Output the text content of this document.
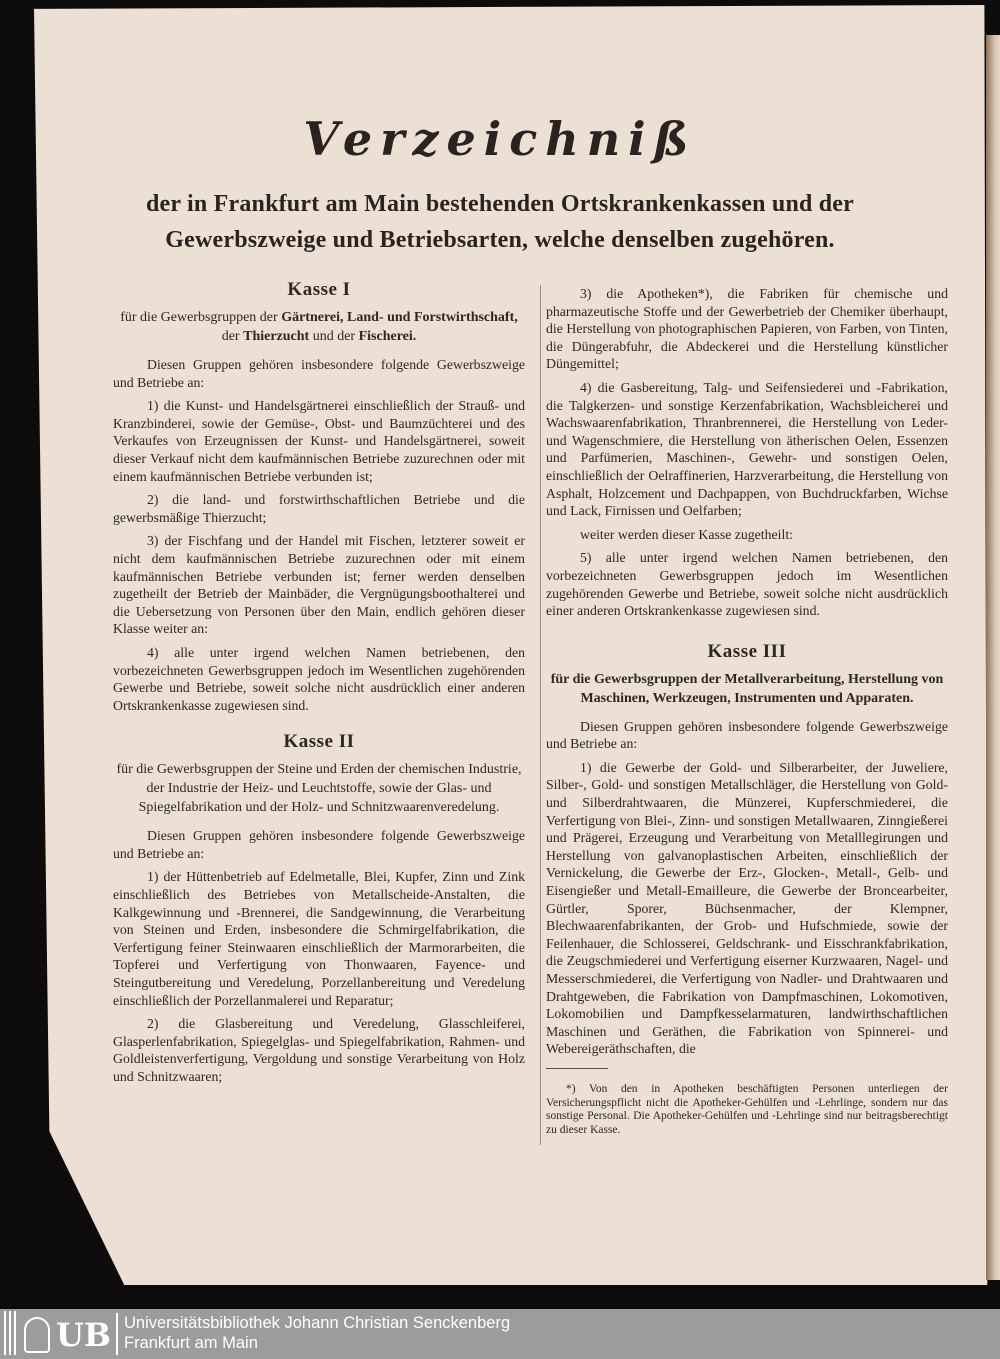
Verzeichniß
der in Frankfurt am Main bestehenden Ortskrankenkassen und der Gewerbszweige und Betriebsarten, welche denselben zugehören.
Kasse I
für die Gewerbsgruppen der Gärtnerei, Land- und Forstwirthschaft, der Thierzucht und der Fischerei.

Diesen Gruppen gehören insbesondere folgende Gewerbszweige und Betriebe an:

1) die Kunst- und Handelsgärtnerei einschließlich der Strauß- und Kranzbinderei, sowie der Gemüse-, Obst- und Baumzüchterei und des Verkaufes von Erzeugnissen der Kunst- und Handelsgärtnerei, soweit dieser Verkauf nicht dem kaufmännischen Betriebe zuzurechnen oder mit einem kaufmännischen Betriebe verbunden ist;

2) die land- und forstwirthschaftlichen Betriebe und die gewerbsmäßige Thierzucht;

3) der Fischfang und der Handel mit Fischen, letzterer soweit er nicht dem kaufmännischen Betriebe zuzurechnen oder mit einem kaufmännischen Betriebe verbunden ist; ferner werden denselben zugetheilt der Betrieb der Mainbäder, die Vergnügungsboothalterei und die Uebersetzung von Personen über den Main, endlich gehören dieser Klasse weiter an:

4) alle unter irgend welchen Namen betriebenen, den vorbezeichneten Gewerbsgruppen jedoch im Wesentlichen zugehörenden Gewerbe und Betriebe, soweit solche nicht ausdrücklich einer anderen Ortskrankenkasse zugewiesen sind.

Kasse II
für die Gewerbsgruppen der Steine und Erden der chemischen Industrie, der Industrie der Heiz- und Leuchtstoffe, sowie der Glas- und Spiegelfabrikation und der Holz- und Schnitzwaarenveredelung.

Diesen Gruppen gehören insbesondere folgende Gewerbszweige und Betriebe an:

1) der Hüttenbetrieb auf Edelmetalle, Blei, Kupfer, Zinn und Zink einschließlich des Betriebes von Metallscheide-Anstalten, die Kalkgewinnung und -Brennerei, die Sandgewinnung, die Verarbeitung von Steinen und Erden, insbesondere die Schmirgelfabrikation, die Verfertigung feiner Steinwaaren einschließlich der Marmorarbeiten, die Topferei und Verfertigung von Thonwaaren, Fayence- und Steingutbereitung und Veredelung, Porzellanbereitung und Veredelung einschließlich der Porzellanmalerei und Reparatur;

2) die Glasbereitung und Veredelung, Glasschleiferei, Glasperlenfabrikation, Spiegelglas- und Spiegelfabrikation, Rahmen- und Goldleistenverfertigung, Vergoldung und sonstige Verarbeitung von Holz und Schnitzwaaren;

3) die Apotheken*), die Fabriken für chemische und pharmazeutische Stoffe und der Gewerbetrieb der Chemiker überhaupt, die Herstellung von photographischen Papieren, von Farben, von Tinten, die Düngerabfuhr, die Abdeckerei und die Herstellung künstlicher Düngemittel;

4) die Gasbereitung, Talg- und Seifensiederei und -Fabrikation, die Talgkerzen- und sonstige Kerzenfabrikation, Wachsbleicherei und Wachswaarenfabrikation, Thranbrennerei, die Herstellung von Leder- und Wagenschmiere, die Herstellung von ätherischen Oelen, Essenzen und Parfümerien, Maschinen-, Gewehr- und sonstigen Oelen, einschließlich der Oelraffinerien, Harzverarbeitung, die Herstellung von Asphalt, Holzcement und Dachpappen, von Buchdruckfarben, Wichse und Lack, Firnissen und Oelfarben;

weiter werden dieser Kasse zugetheilt:

5) alle unter irgend welchen Namen betriebenen, den vorbezeichneten Gewerbsgruppen jedoch im Wesentlichen zugehörenden Gewerbe und Betriebe, soweit solche nicht ausdrücklich einer anderen Ortskrankenkasse zugewiesen sind.

Kasse III
für die Gewerbsgruppen der Metallverarbeitung, Herstellung von Maschinen, Werkzeugen, Instrumenten und Apparaten.

Diesen Gruppen gehören insbesondere folgende Gewerbszweige und Betriebe an:

1) die Gewerbe der Gold- und Silberarbeiter, der Juweliere, Silber-, Gold- und sonstigen Metallschläger, die Herstellung von Gold- und Silberdrahtwaaren, die Münzerei, Kupferschmiederei, die Verfertigung von Blei-, Zinn- und sonstigen Metallwaaren, Zinngießerei und Prägerei, Erzeugung und Verarbeitung von Metalllegirungen und Herstellung von galvanoplastischen Arbeiten, einschließlich der Vernickelung, die Gewerbe der Erz-, Glocken-, Metall-, Gelb- und Eisengießer und Metall-Emailleure, die Gewerbe der Broncearbeiter, Gürtler, Sporer, Büchsenmacher, der Klempner, Blechwaarenfabrikanten, der Grob- und Hufschmiede, sowie der Feilenhauer, die Schlosserei, Geldschrank- und Eisschrankfabrikation, die Zeugschmiederei und Verfertigung eiserner Kurzwaaren, Nagel- und Messerschmiederei, die Verfertigung von Nadler- und Drahtwaaren und Drahtgeweben, die Fabrikation von Dampfmaschinen, Lokomotiven, Lokomobilien und Dampfkesselarmaturen, landwirthschaftlichen Maschinen und Geräthen, die Fabrikation von Spinnerei- und Webereigeräthschaften, die

*) Von den in Apotheken beschäftigten Personen unterliegen der Versicherungspflicht nicht die Apotheker-Gehülfen und -Lehrlinge, sondern nur das sonstige Personal. Die Apotheker-Gehülfen und -Lehrlinge sind nur beitragsberechtigt zu dieser Kasse.

UB Universitätsbibliothek Johann Christian Senckenberg
Frankfurt am Main
